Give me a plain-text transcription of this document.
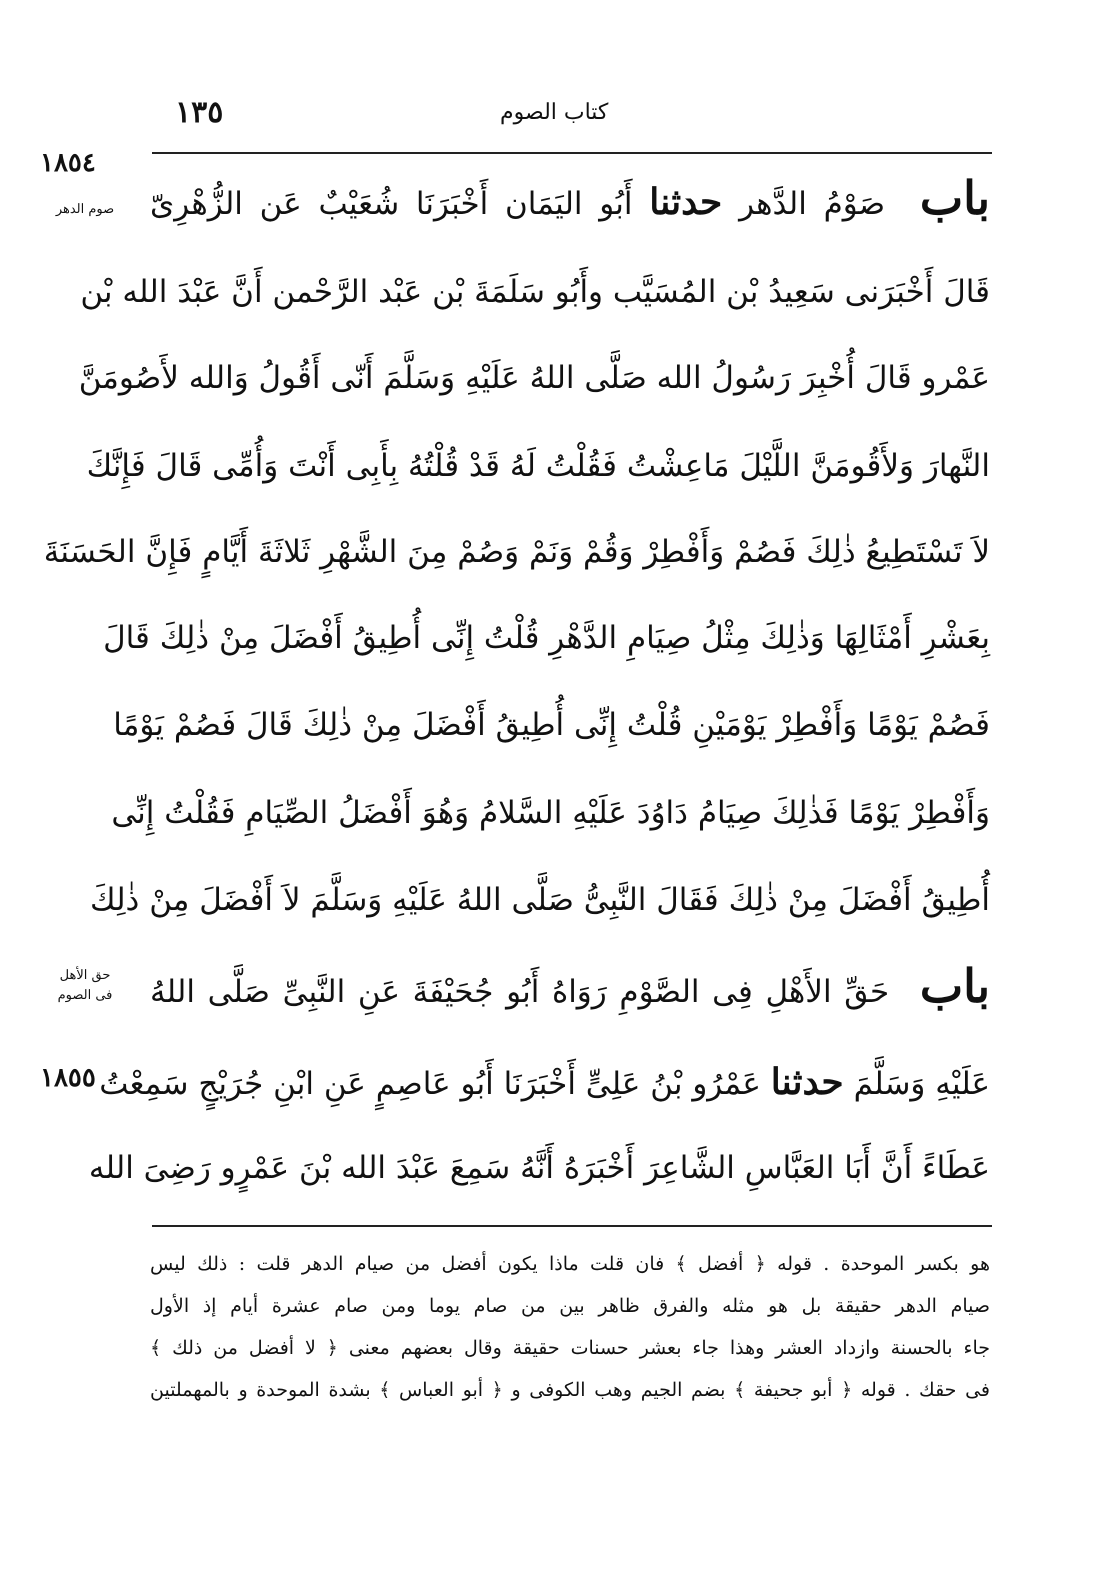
١٣٥	كتاب الصوم
١٨٥٤
صوم الدهر
حق الأهل
فى الصوم
١٨٥٥
باب صَوْمُ الدَّهر حدثنا أَبُو اليَمَان أَخْبَرَنَا شُعَيْبٌ عَن الزُّهْرِىّ
قَالَ أَخْبَرَنى سَعِيدُ بْن المُسَيَّب وأَبُو سَلَمَةَ بْن عَبْد الرَّحْمن أَنَّ عَبْدَ الله بْن
عَمْرو قَالَ أُخْبِرَ رَسُولُ الله صَلَّى اللهُ عَلَيْهِ وَسَلَّمَ أَنّى أَقُولُ وَالله لأَصُومَنَّ
النَّهارَ وَلأَقُومَنَّ اللَّيْلَ مَاعِشْتُ فَقُلْتُ لَهُ قَدْ قُلْتُهُ بِأَبِى أَنْتَ وَأُمِّى قَالَ فَإِنَّكَ
لاَ تَسْتَطِيعُ ذٰلِكَ فَصُمْ وَأَفْطِرْ وَقُمْ وَنَمْ وَصُمْ مِنَ الشَّهْرِ ثَلاثَةَ أَيَّامٍ فَإِنَّ الحَسَنَةَ
بِعَشْرِ أَمْثَالِهَا وَذٰلِكَ مِثْلُ صِيَامِ الدَّهْرِ قُلْتُ إِنِّى أُطِيقُ أَفْضَلَ مِنْ ذٰلِكَ قَالَ
فَصُمْ يَوْمًا وَأَفْطِرْ يَوْمَيْنِ قُلْتُ إِنِّى أُطِيقُ أَفْضَلَ مِنْ ذٰلِكَ قَالَ فَصُمْ يَوْمًا
وَأَفْطِرْ يَوْمًا فَذٰلِكَ صِيَامُ دَاوُدَ عَلَيْهِ السَّلامُ وَهُوَ أَفْضَلُ الصِّيَامِ فَقُلْتُ إِنِّى
أُطِيقُ أَفْضَلَ مِنْ ذٰلِكَ فَقَالَ النَّبِىُّ صَلَّى اللهُ عَلَيْهِ وَسَلَّمَ لاَ أَفْضَلَ مِنْ ذٰلِكَ
باب حَقِّ الأَهْلِ فِى الصَّوْمِ رَوَاهُ أَبُو جُحَيْفَةَ عَنِ النَّبِىِّ صَلَّى اللهُ
عَلَيْهِ وَسَلَّمَ حدثنا عَمْرُو بْنُ عَلِىٍّ أَخْبَرَنَا أَبُو عَاصِمٍ عَنِ ابْنِ جُرَيْجٍ سَمِعْتُ
عَطَاءً أَنَّ أَبَا العَبَّاسِ الشَّاعِرَ أَخْبَرَهُ أَنَّهُ سَمِعَ عَبْدَ الله بْنَ عَمْرٍو رَضِىَ الله
هو بكسر الموحدة . قوله ﴿ أفضل ﴾ فان قلت ماذا يكون أفضل من صيام الدهر قلت : ذلك ليس
صيام الدهر حقيقة بل هو مثله والفرق ظاهر بين من صام يوما ومن صام عشرة أيام إذ الأول
جاء بالحسنة وازداد العشر وهذا جاء بعشر حسنات حقيقة وقال بعضهم معنى ﴿ لا أفضل من ذلك ﴾
فى حقك . قوله ﴿ أبو جحيفة ﴾ بضم الجيم وهب الكوفى و ﴿ أبو العباس ﴾ بشدة الموحدة و بالمهملتين
